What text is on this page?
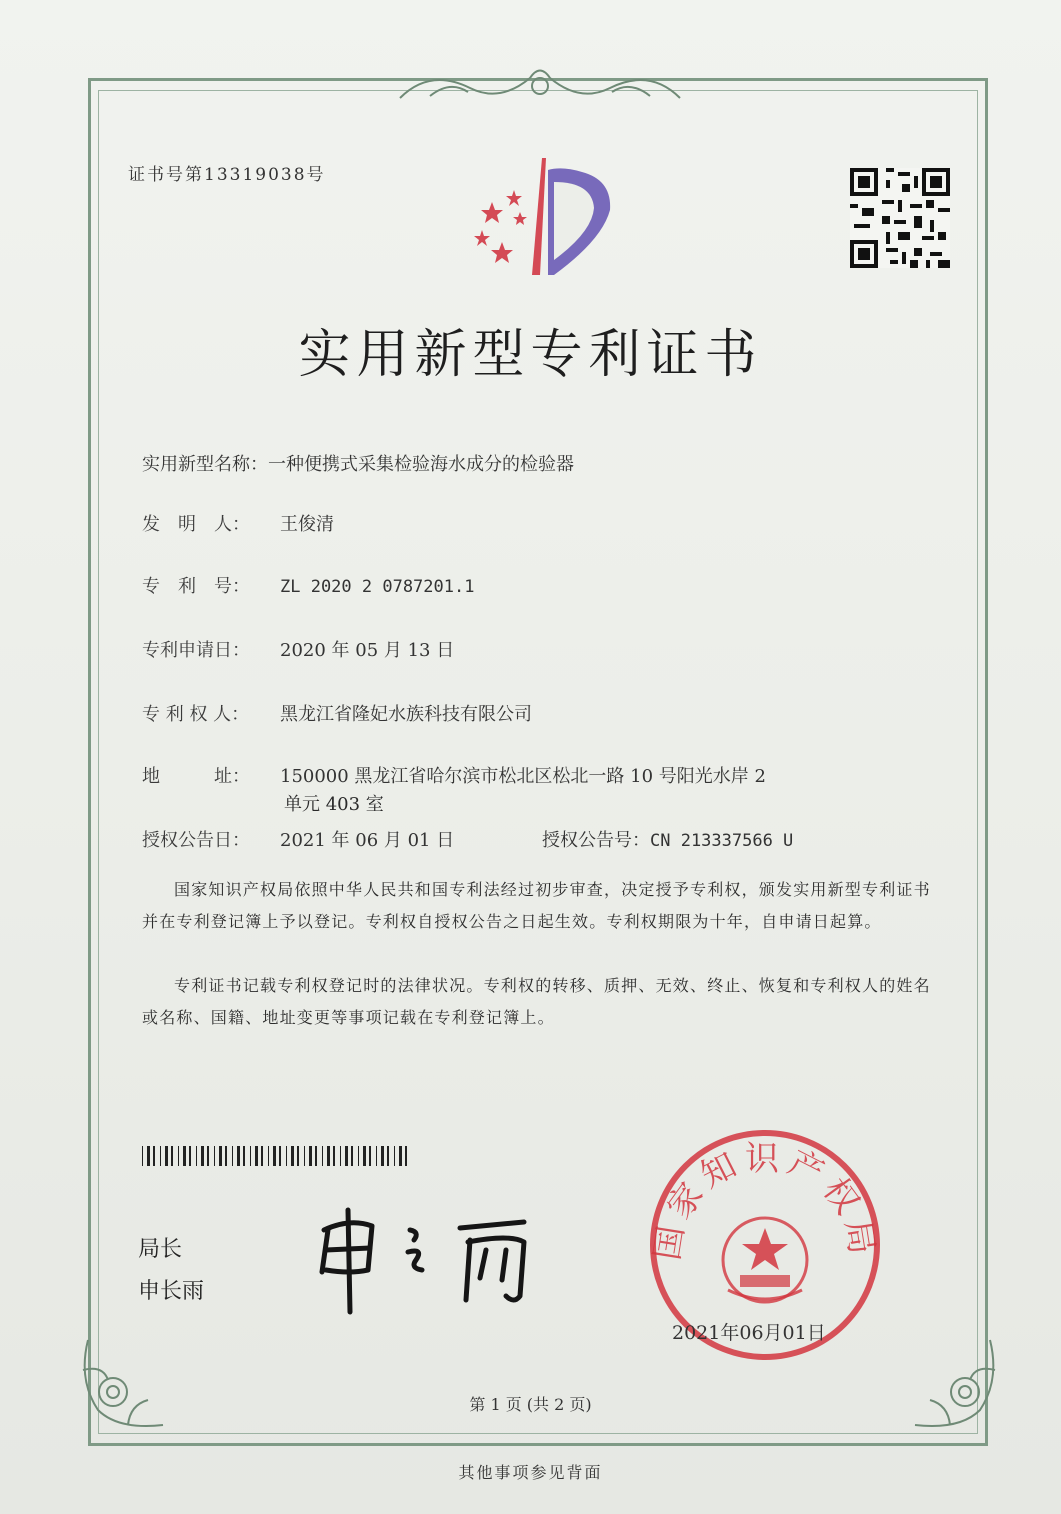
证书号第13319038号
实用新型专利证书
实用新型名称：一种便携式采集检验海水成分的检验器
发　明　人： 王俊清
专　利　号： ZL 2020 2 0787201.1
专利申请日： 2020 年 05 月 13 日
专 利 权 人： 黑龙江省隆妃水族科技有限公司
地　　　址： 150000 黑龙江省哈尔滨市松北区松北一路 10 号阳光水岸 2
单元 403 室
授权公告日： 2021 年 06 月 01 日	授权公告号：CN 213337566 U
国家知识产权局依照中华人民共和国专利法经过初步审查，决定授予专利权，颁发实用新型专利证书并在专利登记簿上予以登记。专利权自授权公告之日起生效。专利权期限为十年，自申请日起算。
专利证书记载专利权登记时的法律状况。专利权的转移、质押、无效、终止、恢复和专利权人的姓名或名称、国籍、地址变更等事项记载在专利登记簿上。
局长
申长雨
国家知识产权局
2021年06月01日
第 1 页 (共 2 页)
其他事项参见背面
